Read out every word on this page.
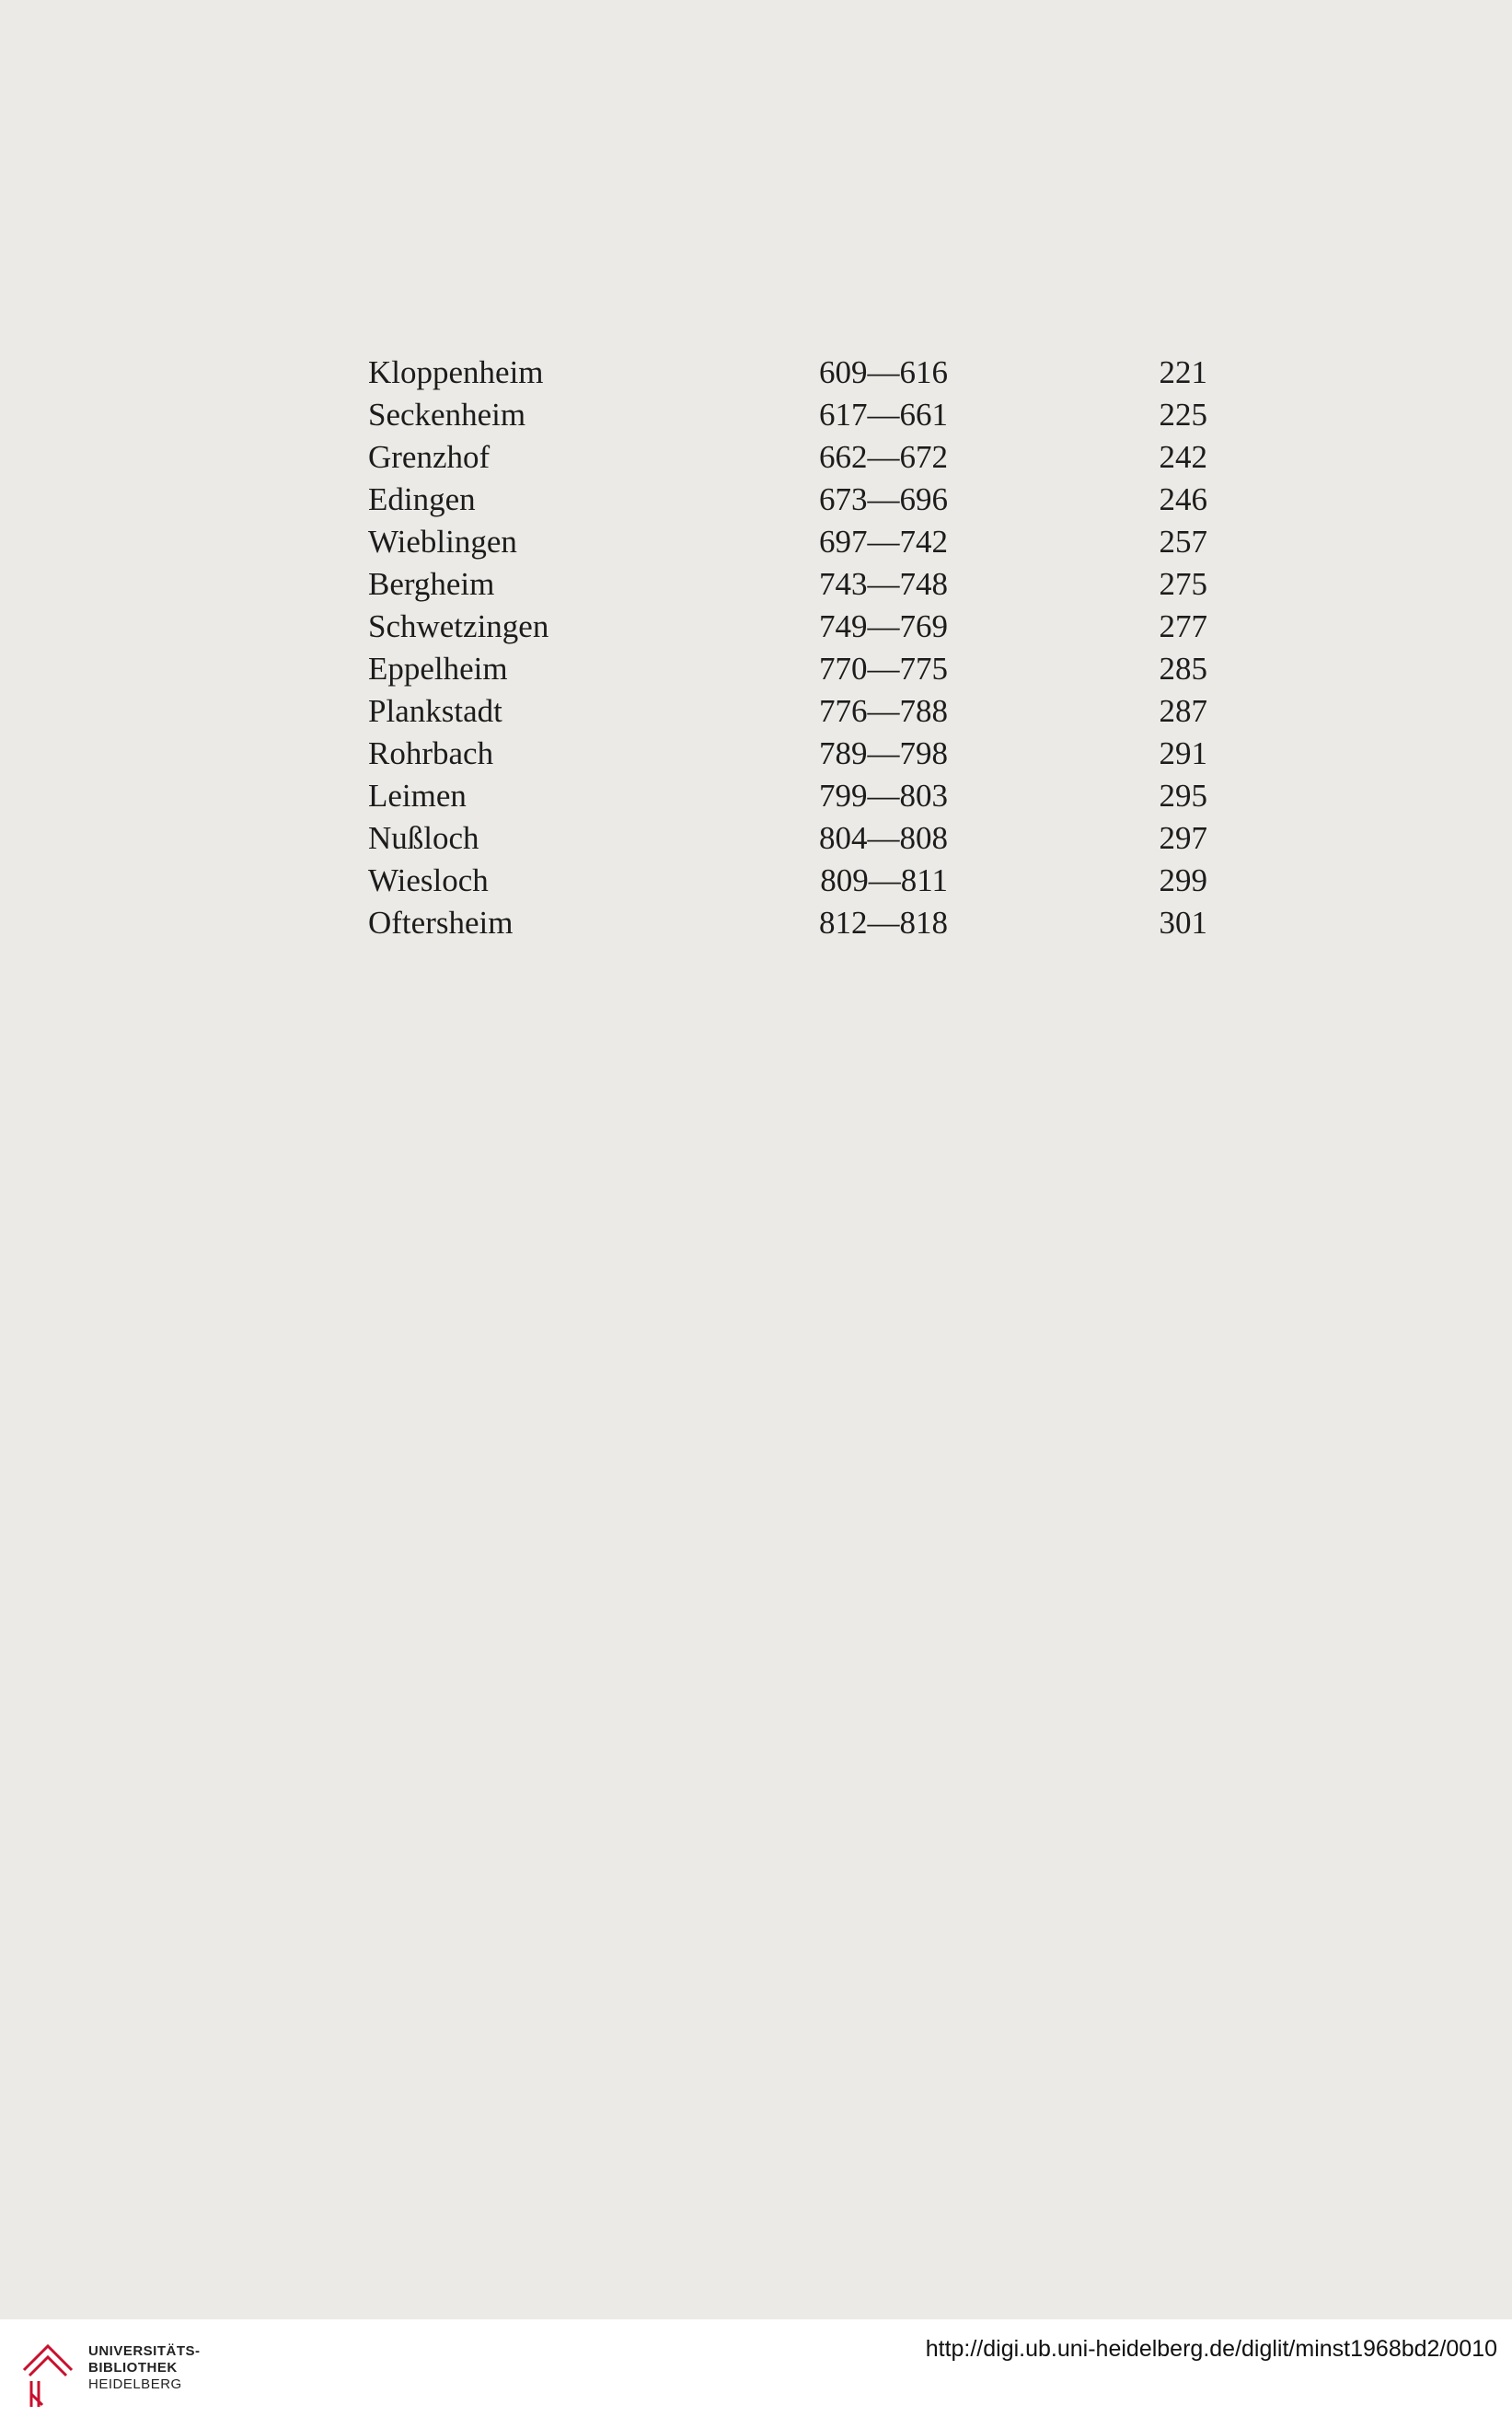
Kloppenheim	609—616	221
Seckenheim	617—661	225
Grenzhof	662—672	242
Edingen	673—696	246
Wieblingen	697—742	257
Bergheim	743—748	275
Schwetzingen	749—769	277
Eppelheim	770—775	285
Plankstadt	776—788	287
Rohrbach	789—798	291
Leimen	799—803	295
Nußloch	804—808	297
Wiesloch	809—811	299
Oftersheim	812—818	301
UNIVERSITÄTS-
BIBLIOTHEK
HEIDELBERG
http://digi.ub.uni-heidelberg.de/diglit/minst1968bd2/0010
